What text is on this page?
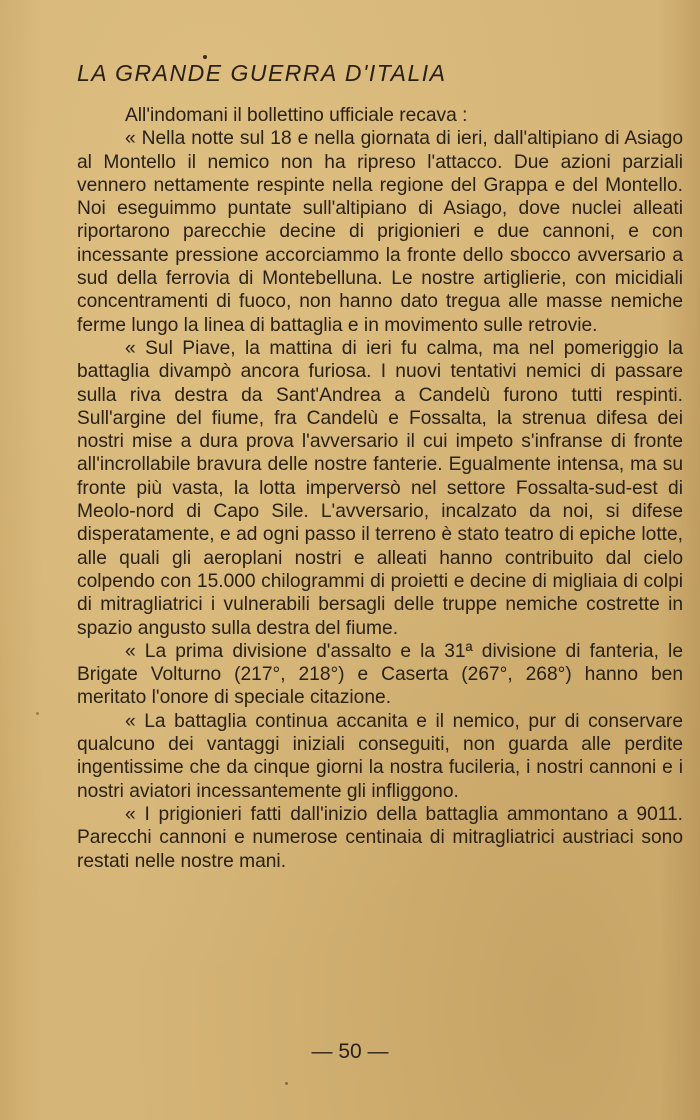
LA GRANDE GUERRA D'ITALIA

All'indomani il bollettino ufficiale recava :

« Nella notte sul 18 e nella giornata di ieri, dall'altipiano di Asiago al Montello il nemico non ha ripreso l'attacco. Due azioni parziali vennero nettamente respinte nella regione del Grappa e del Montello. Noi eseguimmo puntate sull'altipiano di Asiago, dove nuclei alleati riportarono parecchie decine di prigionieri e due cannoni, e con incessante pressione accorciammo la fronte dello sbocco avversario a sud della ferrovia di Montebelluna. Le nostre artiglierie, con micidiali concentramenti di fuoco, non hanno dato tregua alle masse nemiche ferme lungo la linea di battaglia e in movimento sulle retrovie.

« Sul Piave, la mattina di ieri fu calma, ma nel pomeriggio la battaglia divampò ancora furiosa. I nuovi tentativi nemici di passare sulla riva destra da Sant'Andrea a Candelù furono tutti respinti. Sull'argine del fiume, fra Candelù e Fossalta, la strenua difesa dei nostri mise a dura prova l'avversario il cui impeto s'infranse di fronte all'incrollabile bravura delle nostre fanterie. Egualmente intensa, ma su fronte più vasta, la lotta imperversò nel settore Fossalta-sud-est di Meolo-nord di Capo Sile. L'avversario, incalzato da noi, si difese disperatamente, e ad ogni passo il terreno è stato teatro di epiche lotte, alle quali gli aeroplani nostri e alleati hanno contribuito dal cielo colpendo con 15.000 chilogrammi di proietti e decine di migliaia di colpi di mitragliatrici i vulnerabili bersagli delle truppe nemiche costrette in spazio angusto sulla destra del fiume.

« La prima divisione d'assalto e la 31ª divisione di fanteria, le Brigate Volturno (217°, 218°) e Caserta (267°, 268°) hanno ben meritato l'onore di speciale citazione.

« La battaglia continua accanita e il nemico, pur di conservare qualcuno dei vantaggi iniziali conseguiti, non guarda alle perdite ingentissime che da cinque giorni la nostra fucileria, i nostri cannoni e i nostri aviatori incessantemente gli infliggono.

« I prigionieri fatti dall'inizio della battaglia ammontano a 9011. Parecchi cannoni e numerose centinaia di mitragliatrici austriaci sono restati nelle nostre mani.

— 50 —
